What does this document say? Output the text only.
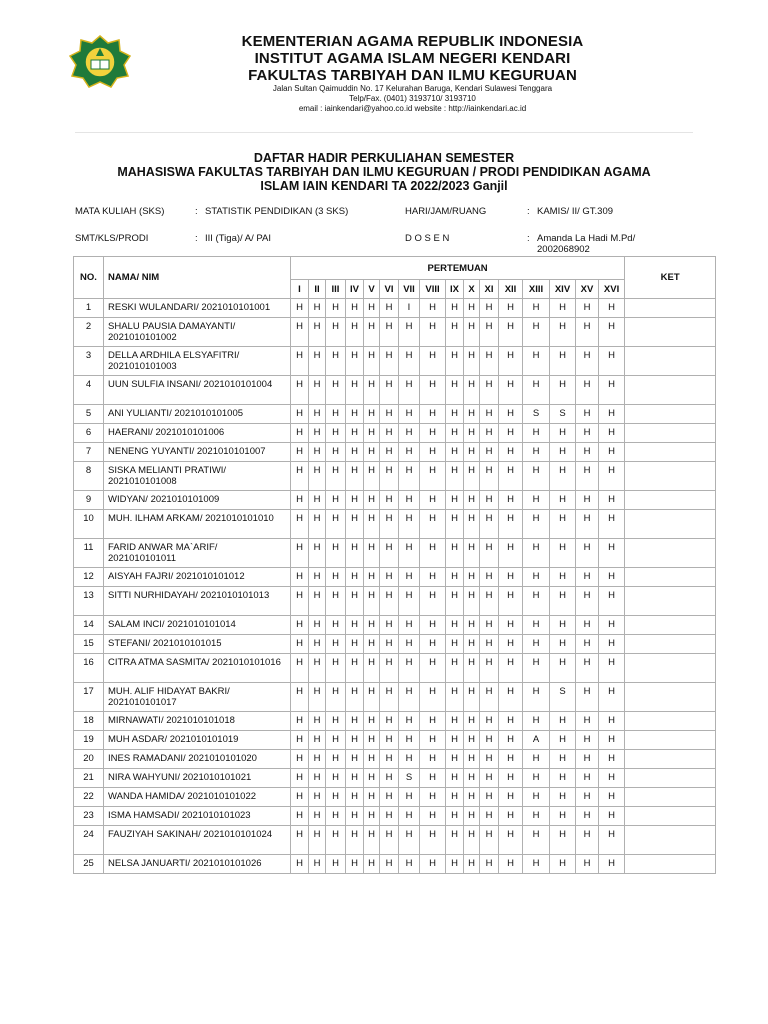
KEMENTERIAN AGAMA REPUBLIK INDONESIA
INSTITUT AGAMA ISLAM NEGERI KENDARI
FAKULTAS TARBIYAH DAN ILMU KEGURUAN
Jalan Sultan Qaimuddin No. 17 Kelurahan Baruga, Kendari Sulawesi Tenggara
Telp/Fax. (0401) 3193710/ 3193710
email : iainkendari@yahoo.co.id website : http://iainkendari.ac.id
DAFTAR HADIR PERKULIAHAN SEMESTER
MAHASISWA FAKULTAS TARBIYAH DAN ILMU KEGURUAN / PRODI PENDIDIKAN AGAMA
ISLAM IAIN KENDARI TA 2022/2023 Ganjil
MATA KULIAH (SKS)	: STATISTIK PENDIDIKAN (3 SKS)	HARI/JAM/RUANG	: KAMIS/ II/ GT.309
SMT/KLS/PRODI	: III (Tiga)/ A/ PAI	D O S E N	: Amanda La Hadi M.Pd/ 2002068902
NO.	NAMA/ NIM	PERTEMUAN																KET
		I	II	III	IV	V	VI	VII	VIII	IX	X	XI	XII	XIII	XIV	XV	XVI	
1	RESKI WULANDARI/ 2021010101001	H	H	H	H	H	H	I	H	H	H	H	H	H	H	H	H	
2	SHALU PAUSIA DAMAYANTI/ 2021010101002	H	H	H	H	H	H	H	H	H	H	H	H	H	H	H	H	
3	DELLA ARDHILA ELSYAFITRI/ 2021010101003	H	H	H	H	H	H	H	H	H	H	H	H	H	H	H	H	
4	UUN SULFIA INSANI/ 2021010101004	H	H	H	H	H	H	H	H	H	H	H	H	H	H	H	H	
5	ANI YULIANTI/ 2021010101005	H	H	H	H	H	H	H	H	H	H	H	H	S	S	H	H	
6	HAERANI/ 2021010101006	H	H	H	H	H	H	H	H	H	H	H	H	H	H	H	H	
7	NENENG YUYANTI/ 2021010101007	H	H	H	H	H	H	H	H	H	H	H	H	H	H	H	H	
8	SISKA MELIANTI PRATIWI/ 2021010101008	H	H	H	H	H	H	H	H	H	H	H	H	H	H	H	H	
9	WIDYAN/ 2021010101009	H	H	H	H	H	H	H	H	H	H	H	H	H	H	H	H	
10	MUH. ILHAM ARKAM/ 2021010101010	H	H	H	H	H	H	H	H	H	H	H	H	H	H	H	H	
11	FARID ANWAR MA`ARIF/ 2021010101011	H	H	H	H	H	H	H	H	H	H	H	H	H	H	H	H	
12	AISYAH FAJRI/ 2021010101012	H	H	H	H	H	H	H	H	H	H	H	H	H	H	H	H	
13	SITTI NURHIDAYAH/ 2021010101013	H	H	H	H	H	H	H	H	H	H	H	H	H	H	H	H	
14	SALAM INCI/ 2021010101014	H	H	H	H	H	H	H	H	H	H	H	H	H	H	H	H	
15	STEFANI/ 2021010101015	H	H	H	H	H	H	H	H	H	H	H	H	H	H	H	H	
16	CITRA ATMA SASMITA/ 2021010101016	H	H	H	H	H	H	H	H	H	H	H	H	H	H	H	H	
17	MUH. ALIF HIDAYAT BAKRI/ 2021010101017	H	H	H	H	H	H	H	H	H	H	H	H	H	S	H	H	
18	MIRNAWATI/ 2021010101018	H	H	H	H	H	H	H	H	H	H	H	H	H	H	H	H	
19	MUH ASDAR/ 2021010101019	H	H	H	H	H	H	H	H	H	H	H	H	A	H	H	H	
20	INES RAMADANI/ 2021010101020	H	H	H	H	H	H	H	H	H	H	H	H	H	H	H	H	
21	NIRA WAHYUNI/ 2021010101021	H	H	H	H	H	H	S	H	H	H	H	H	H	H	H	H	
22	WANDA HAMIDA/ 2021010101022	H	H	H	H	H	H	H	H	H	H	H	H	H	H	H	H	
23	ISMA HAMSADI/ 2021010101023	H	H	H	H	H	H	H	H	H	H	H	H	H	H	H	H	
24	FAUZIYAH SAKINAH/ 2021010101024	H	H	H	H	H	H	H	H	H	H	H	H	H	H	H	H	
25	NELSA JANUARTI/ 2021010101026	H	H	H	H	H	H	H	H	H	H	H	H	H	H	H	H	
